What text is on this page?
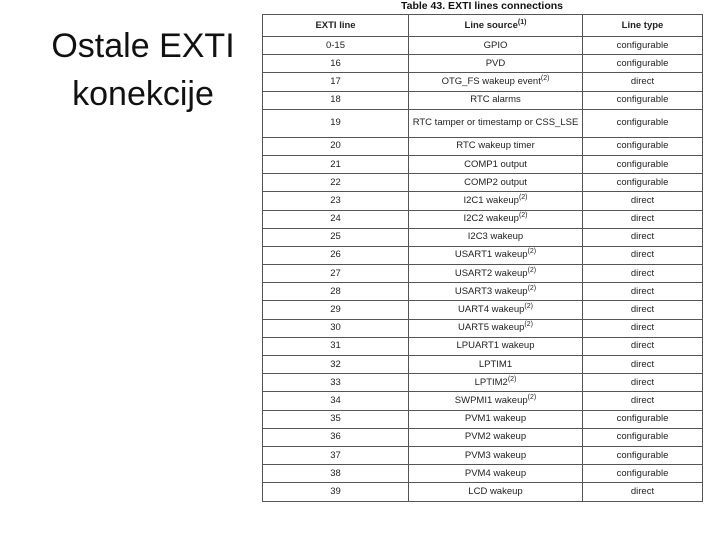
Ostale EXTI
konekcije
Table 43. EXTI lines connections
EXTI line	Line source$^{(1)}$	Line type
0-15	GPIO	configurable
16	PVD	configurable
17	OTG_FS wakeup event$^{(2)}$	direct
18	RTC alarms	configurable
19	RTC tamper or timestamp or CSS_LSE	configurable
20	RTC wakeup timer	configurable
21	COMP1 output	configurable
22	COMP2 output	configurable
23	I2C1 wakeup$^{(2)}$	direct
24	I2C2 wakeup$^{(2)}$	direct
25	I2C3 wakeup	direct
26	USART1 wakeup$^{(2)}$	direct
27	USART2 wakeup$^{(2)}$	direct
28	USART3 wakeup$^{(2)}$	direct
29	UART4 wakeup$^{(2)}$	direct
30	UART5 wakeup$^{(2)}$	direct
31	LPUART1 wakeup	direct
32	LPTIM1	direct
33	LPTIM2$^{(2)}$	direct
34	SWPMI1 wakeup$^{(2)}$	direct
35	PVM1 wakeup	configurable
36	PVM2 wakeup	configurable
37	PVM3 wakeup	configurable
38	PVM4 wakeup	configurable
39	LCD wakeup	direct
